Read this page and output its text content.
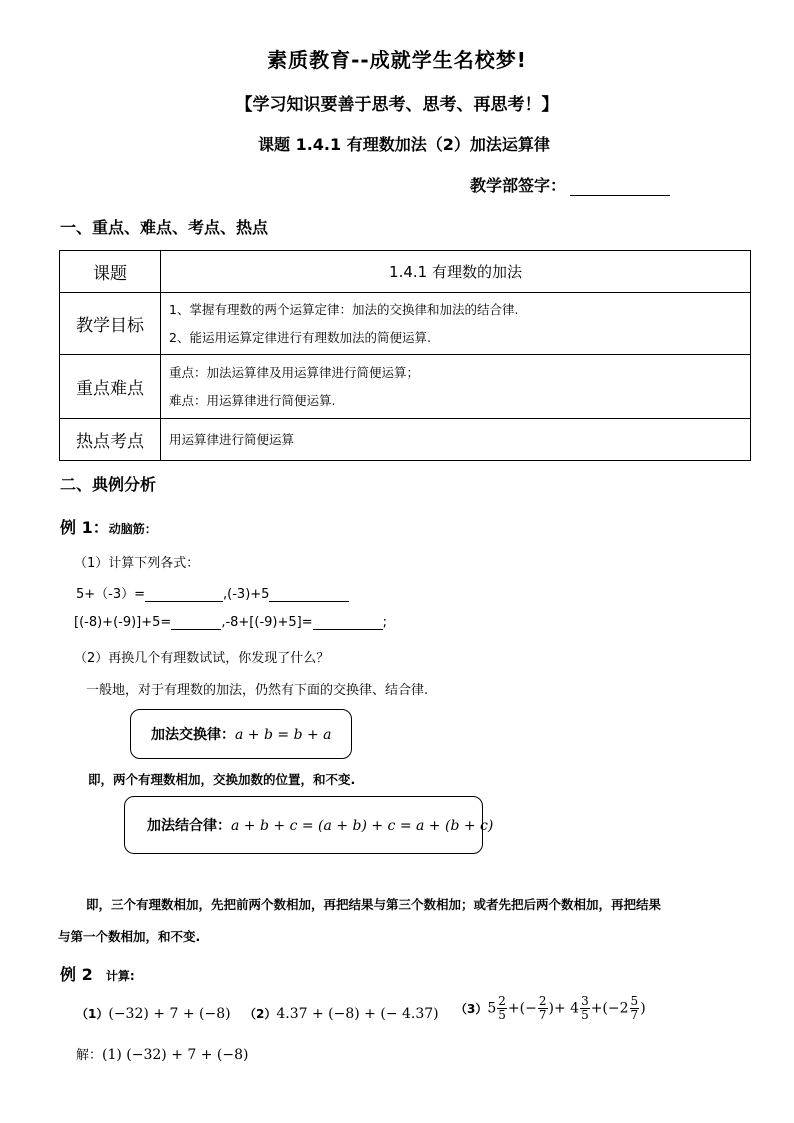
素质教育--成就学生名校梦!
【学习知识要善于思考、思考、再思考！】
课题 1.4.1 有理数加法（2）加法运算律
教学部签字：
一、重点、难点、考点、热点
课题	1.4.1 有理数的加法
教学目标	1、掌握有理数的两个运算定律：加法的交换律和加法的结合律.
2、能运用运算定律进行有理数加法的简便运算.

重点难点	重点：加法运算律及用运算律进行简便运算；
难点：用运算律进行简便运算.

热点考点	用运算律进行简便运算
二、典例分析
例 1：动脑筋：
（1）计算下列各式：
5+（-3）=	,(-3)+5
[(-8)+(-9)]+5=	,-8+[(-9)+5]=	;
（2）再换几个有理数试试，你发现了什么？
一般地，对于有理数的加法，仍然有下面的交换律、结合律.
加法交换律：a + b = b + a
即，两个有理数相加，交换加数的位置，和不变.
加法结合律：a + b + c = (a + b) + c = a + (b + c)
即，三个有理数相加，先把前两个数相加，再把结果与第三个数相加；或者先把后两个数相加，再把结果
与第一个数相加，和不变.
例 2 计算:
（1）(−32) + 7 + (−8) （2）4.37 + (−8) + (− 4.37) $(3)5 \frac{2}{5}$ +(− $\frac{2}{7}$ )+ $4 \frac{3}{5} +(-2 \frac{5}{7}$ )
解：(1) (−32) + 7 + (−8)
